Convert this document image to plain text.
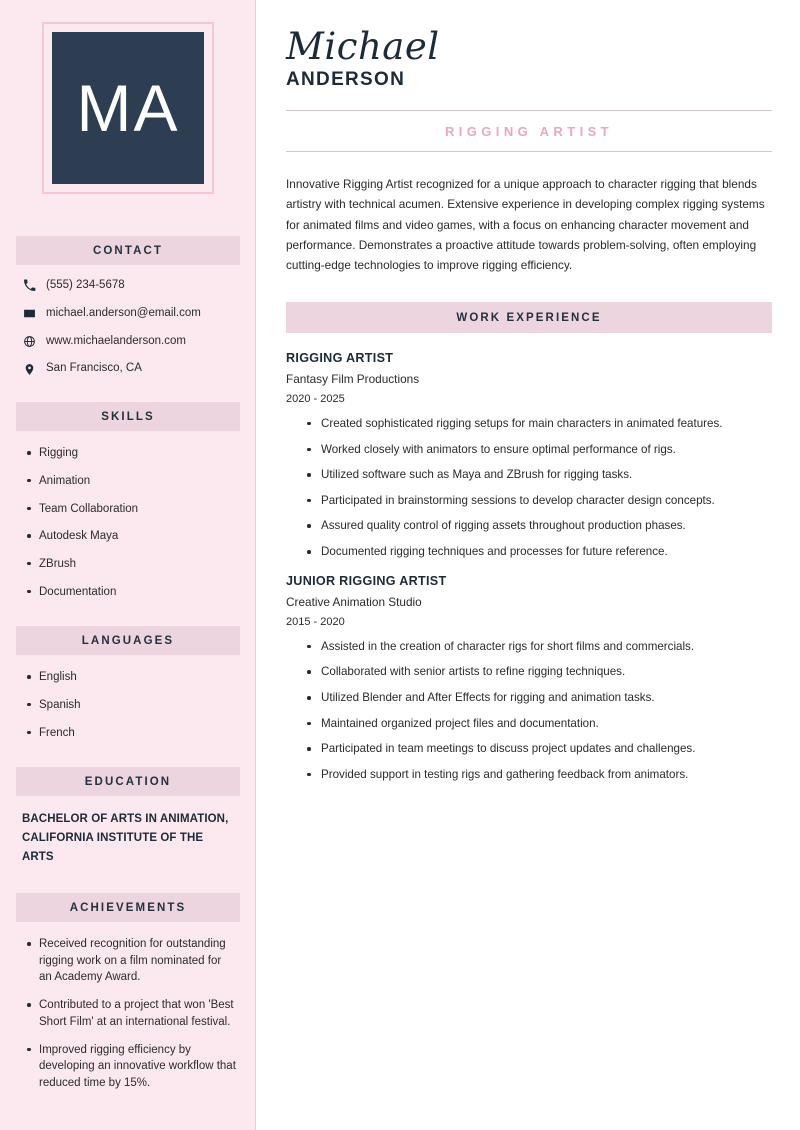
MA
CONTACT
(555) 234-5678
michael.anderson@email.com
www.michaelanderson.com
San Francisco, CA
SKILLS
Rigging
Animation
Team Collaboration
Autodesk Maya
ZBrush
Documentation
LANGUAGES
English
Spanish
French
EDUCATION
BACHELOR OF ARTS IN ANIMATION,
CALIFORNIA INSTITUTE OF THE ARTS
ACHIEVEMENTS
Received recognition for outstanding rigging work on a film nominated for an Academy Award.
Contributed to a project that won 'Best Short Film' at an international festival.
Improved rigging efficiency by developing an innovative workflow that reduced time by 15%.
Michael
ANDERSON
RIGGING ARTIST

Innovative Rigging Artist recognized for a unique approach to character rigging that blends artistry with technical acumen. Extensive experience in developing complex rigging systems for animated films and video games, with a focus on enhancing character movement and performance. Demonstrates a proactive attitude towards problem-solving, often employing cutting-edge technologies to improve rigging efficiency.

WORK EXPERIENCE
RIGGING ARTIST
Fantasy Film Productions
2020 - 2025
Created sophisticated rigging setups for main characters in animated features.
Worked closely with animators to ensure optimal performance of rigs.
Utilized software such as Maya and ZBrush for rigging tasks.
Participated in brainstorming sessions to develop character design concepts.
Assured quality control of rigging assets throughout production phases.
Documented rigging techniques and processes for future reference.
JUNIOR RIGGING ARTIST
Creative Animation Studio
2015 - 2020
Assisted in the creation of character rigs for short films and commercials.
Collaborated with senior artists to refine rigging techniques.
Utilized Blender and After Effects for rigging and animation tasks.
Maintained organized project files and documentation.
Participated in team meetings to discuss project updates and challenges.
Provided support in testing rigs and gathering feedback from animators.
